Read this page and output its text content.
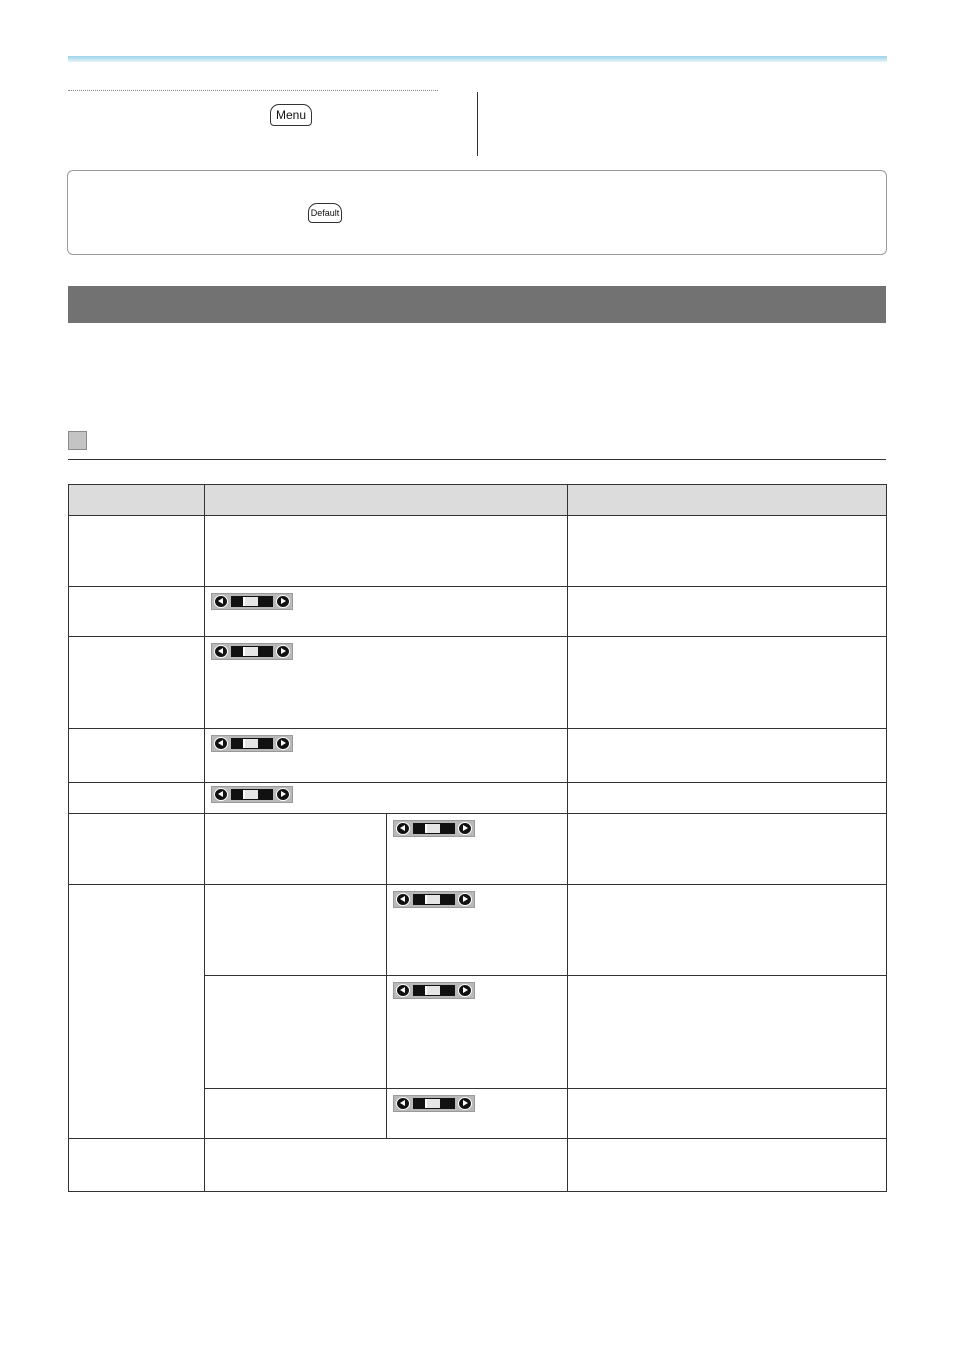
Menu
Default
